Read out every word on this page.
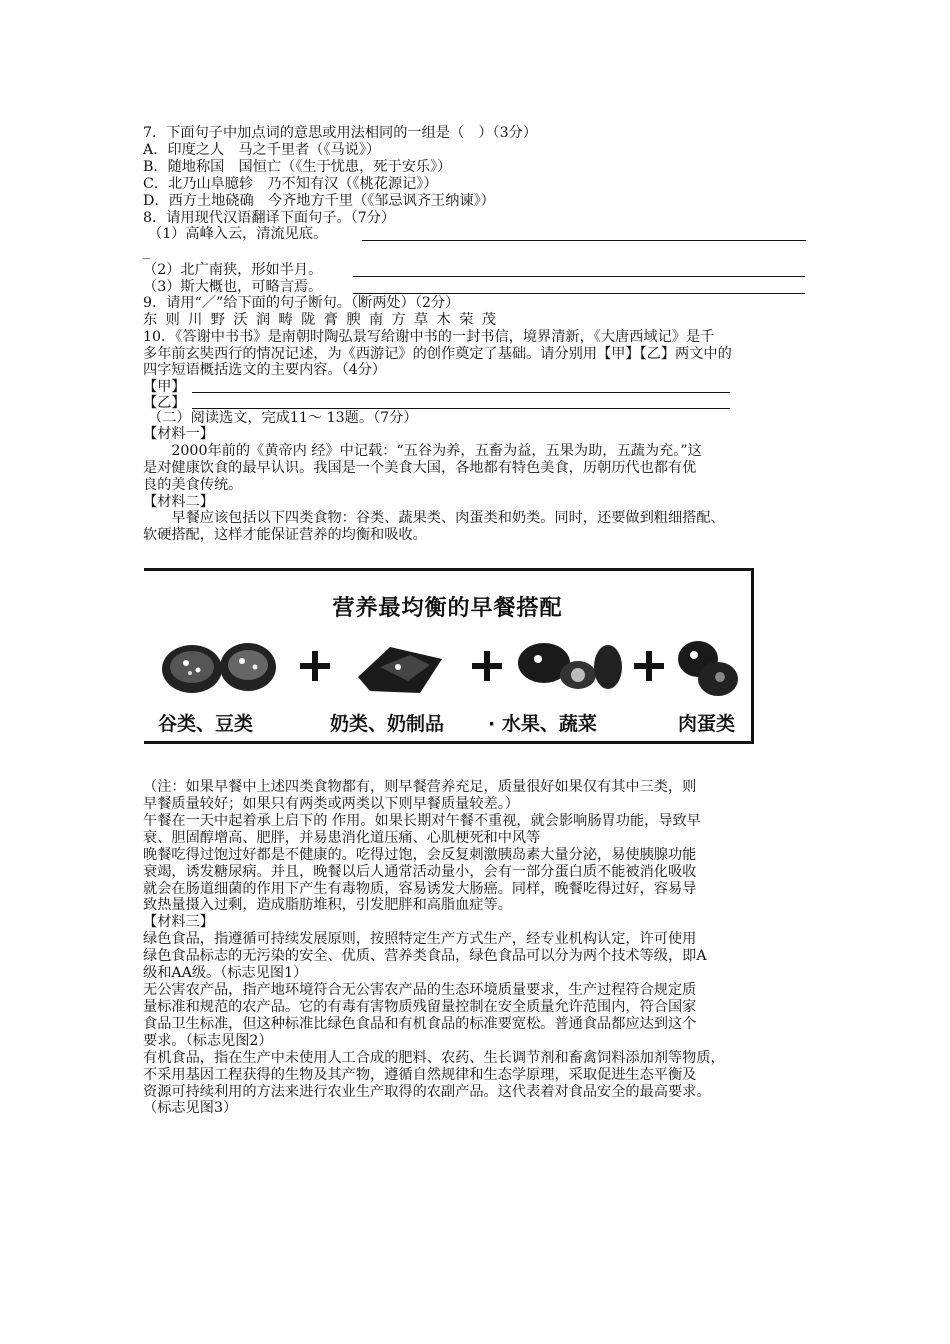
7．下面句子中加点词的意思或用法相同的一组是（　）（3分）
A．印度之人　马之千里者（《马说》）
B．随地称国　国恒亡（《生于忧患，死于安乐》）
C．北乃山阜臆轸　乃不知有汉（《桃花源记》）
D．西方土地硗确　今齐地方千里（《邹忌讽齐王纳谏》）
8．请用现代汉语翻译下面句子。（7分）
（1）高峰入云，清流见底。
_
（2）北广南狭，形如半月。
（3）斯大概也，可略言焉。
9．请用“／”给下面的句子断句。（断两处）（2分）
东则川野沃润畴陇膏腴南方草木荣茂
10．《答谢中书书》是南朝时陶弘景写给谢中书的一封书信，境界清新，《大唐西域记》是千
多年前玄奘西行的情况记述，为《西游记》的创作奠定了基础。请分别用【甲】【乙】两文中的
四字短语概括选文的主要内容。（4分）
【甲】
【乙】
（二）阅读选文，完成11～ 13题。（7分）
【材料一】
　　2000年前的《黄帝内 经》中记载：“五谷为养，五畜为益，五果为助，五蔬为充。”这
是对健康饮食的最早认识。我国是一个美食大国，各地都有特色美食，历朝历代也都有优
良的美食传统。
【材料二】
　　早餐应该包括以下四类食物：谷类、蔬果类、肉蛋类和奶类。同时，还要做到粗细搭配、
软硬搭配，这样才能保证营养的均衡和吸收。
营养最均衡的早餐搭配
谷类、豆类	奶类、奶制品 · 水果、蔬菜	肉蛋类
（注：如果早餐中上述四类食物都有，则早餐营养充足，质量很好如果仅有其中三类，则
早餐质量较好；如果只有两类或两类以下则早餐质量较差。）
午餐在一天中起着承上启下的 作用。如果长期对午餐不重视，就会影响肠胃功能，导致早
衰、胆固醇增高、肥胖，并易患消化道压痛、心肌梗死和中风等
晚餐吃得过饱过好都是不健康的。吃得过饱，会反复刺激胰岛素大量分泌，易使胰腺功能
衰竭，诱发糖尿病。并且，晚餐以后人通常活动量小，会有一部分蛋白质不能被消化吸收
就会在肠道细菌的作用下产生有毒物质，容易诱发大肠癌。同样，晚餐吃得过好，容易导
致热量摄入过剩，造成脂肪堆积，引发肥胖和高脂血症等。
【材料三】
绿色食品，指遵循可持续发展原则，按照特定生产方式生产，经专业机构认定，许可使用
绿色食品标志的无污染的安全、优质、营养类食品，绿色食品可以分为两个技术等级，即A
级和AA级。（标志见图1）
无公害农产品，指产地环境符合无公害农产品的生态环境质量要求，生产过程符合规定质
量标准和规范的农产品。它的有毒有害物质残留量控制在安全质量允许范围内，符合国家
食品卫生标准，但这种标准比绿色食品和有机食品的标准要宽松。普通食品都应达到这个
要求。（标志见图2）
有机食品，指在生产中未使用人工合成的肥料、农药、生长调节剂和畜禽饲料添加剂等物质，
不采用基因工程获得的生物及其产物，遵循自然规律和生态学原理，采取促进生态平衡及
资源可持续利用的方法来进行农业生产取得的农副产品。这代表着对食品安全的最高要求。
（标志见图3）
